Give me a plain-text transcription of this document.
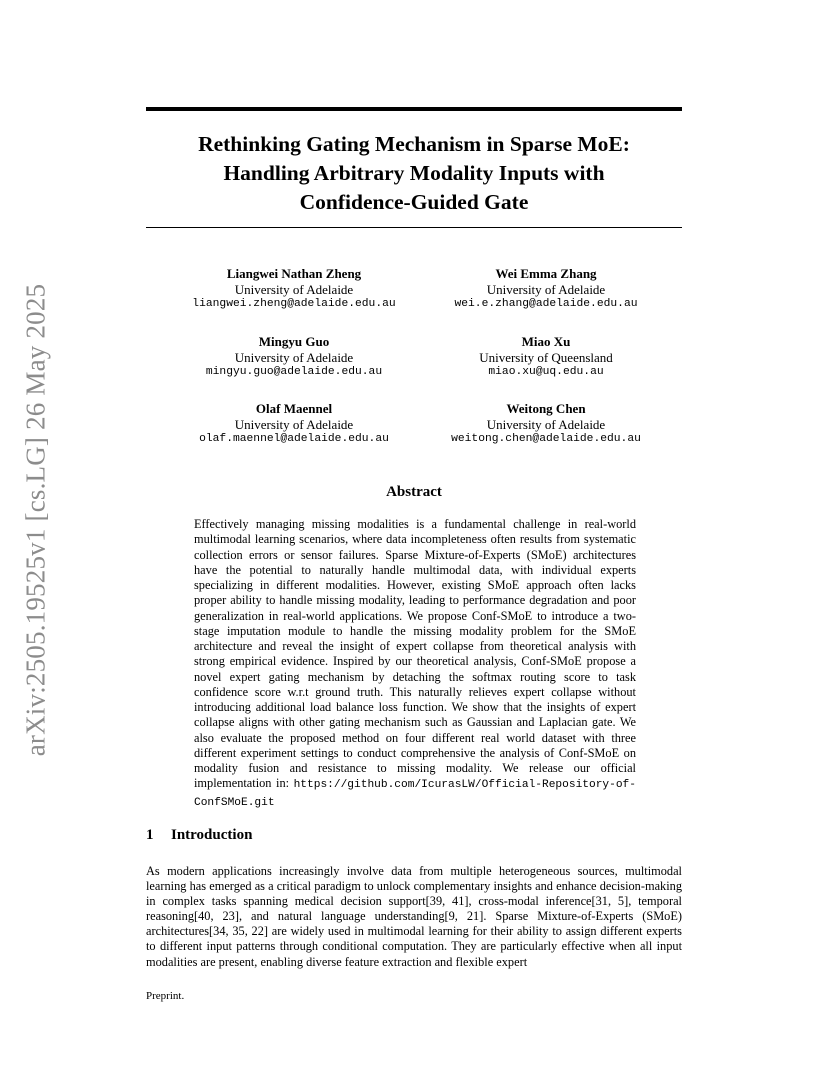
arXiv:2505.19525v1 [cs.LG] 26 May 2025
Rethinking Gating Mechanism in Sparse MoE:
Handling Arbitrary Modality Inputs with
Confidence-Guided Gate
Liangwei Nathan Zheng
University of Adelaide
liangwei.zheng@adelaide.edu.au
Wei Emma Zhang
University of Adelaide
wei.e.zhang@adelaide.edu.au
Mingyu Guo
University of Adelaide
mingyu.guo@adelaide.edu.au
Miao Xu
University of Queensland
miao.xu@uq.edu.au
Olaf Maennel
University of Adelaide
olaf.maennel@adelaide.edu.au
Weitong Chen
University of Adelaide
weitong.chen@adelaide.edu.au
Abstract
Effectively managing missing modalities is a fundamental challenge in real-world multimodal learning scenarios, where data incompleteness often results from systematic collection errors or sensor failures. Sparse Mixture-of-Experts (SMoE) architectures have the potential to naturally handle multimodal data, with individual experts specializing in different modalities. However, existing SMoE approach often lacks proper ability to handle missing modality, leading to performance degradation and poor generalization in real-world applications. We propose Conf-SMoE to introduce a two-stage imputation module to handle the missing modality problem for the SMoE architecture and reveal the insight of expert collapse from theoretical analysis with strong empirical evidence. Inspired by our theoretical analysis, Conf-SMoE propose a novel expert gating mechanism by detaching the softmax routing score to task confidence score w.r.t ground truth. This naturally relieves expert collapse without introducing additional load balance loss function. We show that the insights of expert collapse aligns with other gating mechanism such as Gaussian and Laplacian gate. We also evaluate the proposed method on four different real world dataset with three different experiment settings to conduct comprehensive the analysis of Conf-SMoE on modality fusion and resistance to missing modality. We release our official implementation in: https://github.com/IcurasLW/Official-Repository-of-ConfSMoE.git
1 Introduction
As modern applications increasingly involve data from multiple heterogeneous sources, multimodal learning has emerged as a critical paradigm to unlock complementary insights and enhance decision-making in complex tasks spanning medical decision support[39, 41], cross-modal inference[31, 5], temporal reasoning[40, 23], and natural language understanding[9, 21]. Sparse Mixture-of-Experts (SMoE) architectures[34, 35, 22] are widely used in multimodal learning for their ability to assign different experts to different input patterns through conditional computation. They are particularly effective when all input modalities are present, enabling diverse feature extraction and flexible expert
Preprint.
